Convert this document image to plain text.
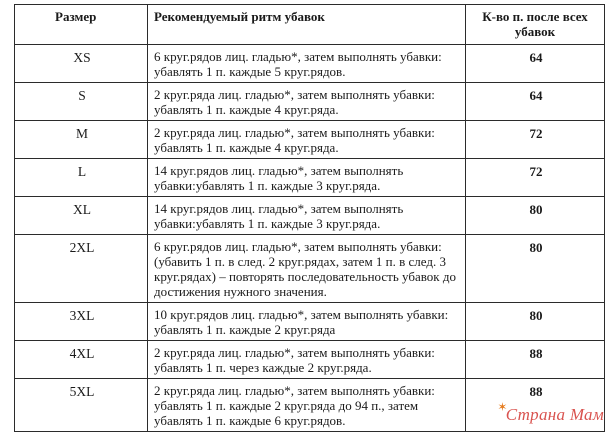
Размер	Рекомендуемый ритм убавок	К-во п. после всех убавок
XS	6 круг.рядов лиц. гладью*, затем выполнять убавки: убавлять 1 п. каждые 5 круг.рядов.	64
S	2 круг.ряда лиц. гладью*, затем выполнять убавки: убавлять 1 п. каждые 4 круг.ряда.	64
M	2 круг.ряда лиц. гладью*, затем выполнять убавки: убавлять 1 п. каждые 4 круг.ряда.	72
L	14 круг.рядов лиц. гладью*, затем выполнять убавки:убавлять 1 п. каждые 3 круг.ряда.	72
XL	14 круг.рядов лиц. гладью*, затем выполнять убавки:убавлять 1 п. каждые 3 круг.ряда.	80
2XL	6 круг.рядов лиц. гладью*, затем выполнять убавки: (убавить 1 п. в след. 2 круг.рядах, затем 1 п. в след. 3 круг.рядах) – повторять последовательность убавок до достижения нужного значения.	80
3XL	10 круг.рядов лиц. гладью*, затем выполнять убавки: убавлять 1 п. каждые 2 круг.ряда	80
4XL	2 круг.ряда лиц. гладью*, затем выполнять убавки: убавлять 1 п. через каждые 2 круг.ряда.	88
5XL	2 круг.ряда лиц. гладью*, затем выполнять убавки: убавлять 1 п. каждые 2 круг.ряда до 94 п., затем убавлять 1 п. каждые 6 круг.рядов.	88
✶
Страна Мам
